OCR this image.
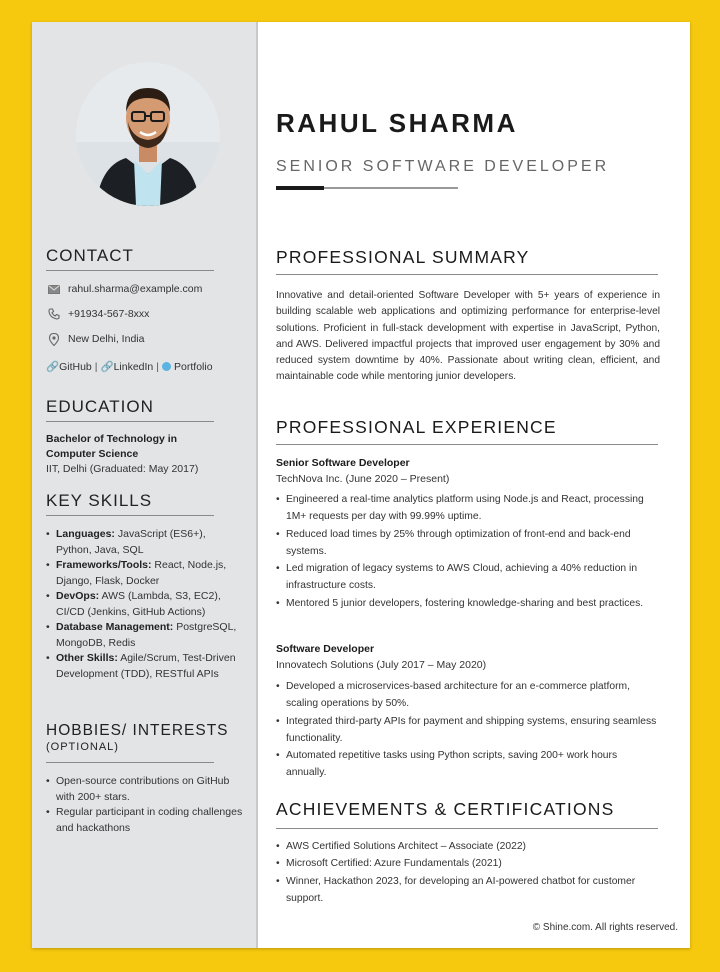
CONTACT
rahul.sharma@example.com
+91934-567-8xxx
New Delhi, India
🔗GitHub | 🔗LinkedIn | Portfolio
EDUCATION
Bachelor of Technology in
Computer Science
IIT, Delhi (Graduated: May 2017)
KEY SKILLS
• Languages: JavaScript (ES6+), Python, Java, SQL
• Frameworks/Tools: React, Node.js, Django, Flask, Docker
• DevOps: AWS (Lambda, S3, EC2), CI/CD (Jenkins, GitHub Actions)
• Database Management: PostgreSQL, MongoDB, Redis
• Other Skills: Agile/Scrum, Test-Driven Development (TDD), RESTful APIs
HOBBIES/ INTERESTS
(OPTIONAL)
• Open-source contributions on GitHub with 200+ stars.
• Regular participant in coding challenges and hackathons
RAHUL SHARMA
SENIOR SOFTWARE DEVELOPER
PROFESSIONAL SUMMARY
Innovative and detail-oriented Software Developer with 5+ years of experience in building scalable web applications and optimizing performance for enterprise-level solutions. Proficient in full-stack development with expertise in JavaScript, Python, and AWS. Delivered impactful projects that improved user engagement by 30% and reduced system downtime by 40%. Passionate about writing clean, efficient, and maintainable code while mentoring junior developers.
PROFESSIONAL EXPERIENCE
Senior Software Developer
TechNova Inc. (June 2020 – Present)
• Engineered a real-time analytics platform using Node.js and React, processing 1M+ requests per day with 99.99% uptime.
• Reduced load times by 25% through optimization of front-end and back-end systems.
• Led migration of legacy systems to AWS Cloud, achieving a 40% reduction in infrastructure costs.
• Mentored 5 junior developers, fostering knowledge-sharing and best practices.
Software Developer
Innovatech Solutions (July 2017 – May 2020)
• Developed a microservices-based architecture for an e-commerce platform, scaling operations by 50%.
• Integrated third-party APIs for payment and shipping systems, ensuring seamless functionality.
• Automated repetitive tasks using Python scripts, saving 200+ work hours annually.
ACHIEVEMENTS & CERTIFICATIONS
• AWS Certified Solutions Architect – Associate (2022)
• Microsoft Certified: Azure Fundamentals (2021)
• Winner, Hackathon 2023, for developing an AI-powered chatbot for customer support.
© Shine.com. All rights reserved.
